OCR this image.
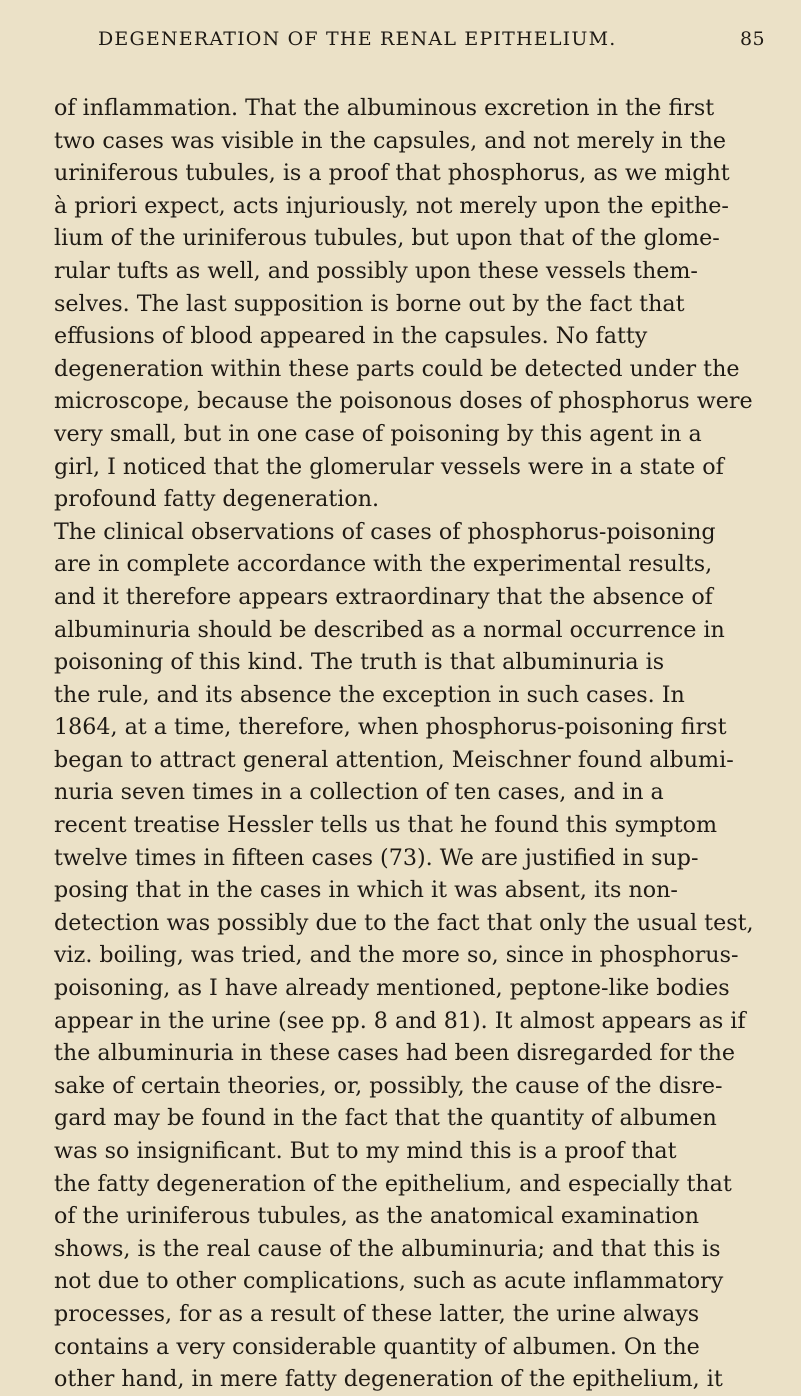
DEGENERATION OF THE RENAL EPITHELIUM.	85
of inflammation. That the albuminous excretion in the first
two cases was visible in the capsules, and not merely in the
uriniferous tubules, is a proof that phosphorus, as we might
à priori expect, acts injuriously, not merely upon the epithe-
lium of the uriniferous tubules, but upon that of the glome-
rular tufts as well, and possibly upon these vessels them-
selves. The last supposition is borne out by the fact that
effusions of blood appeared in the capsules. No fatty
degeneration within these parts could be detected under the
microscope, because the poisonous doses of phosphorus were
very small, but in one case of poisoning by this agent in a
girl, I noticed that the glomerular vessels were in a state of
profound fatty degeneration.
The clinical observations of cases of phosphorus-poisoning
are in complete accordance with the experimental results,
and it therefore appears extraordinary that the absence of
albuminuria should be described as a normal occurrence in
poisoning of this kind. The truth is that albuminuria is
the rule, and its absence the exception in such cases. In
1864, at a time, therefore, when phosphorus-poisoning first
began to attract general attention, Meischner found albumi-
nuria seven times in a collection of ten cases, and in a
recent treatise Hessler tells us that he found this symptom
twelve times in fifteen cases (73). We are justified in sup-
posing that in the cases in which it was absent, its non-
detection was possibly due to the fact that only the usual test,
viz. boiling, was tried, and the more so, since in phosphorus-
poisoning, as I have already mentioned, peptone-like bodies
appear in the urine (see pp. 8 and 81). It almost appears as if
the albuminuria in these cases had been disregarded for the
sake of certain theories, or, possibly, the cause of the disre-
gard may be found in the fact that the quantity of albumen
was so insignificant. But to my mind this is a proof that
the fatty degeneration of the epithelium, and especially that
of the uriniferous tubules, as the anatomical examination
shows, is the real cause of the albuminuria; and that this is
not due to other complications, such as acute inflammatory
processes, for as a result of these latter, the urine always
contains a very considerable quantity of albumen. On the
other hand, in mere fatty degeneration of the epithelium, it
